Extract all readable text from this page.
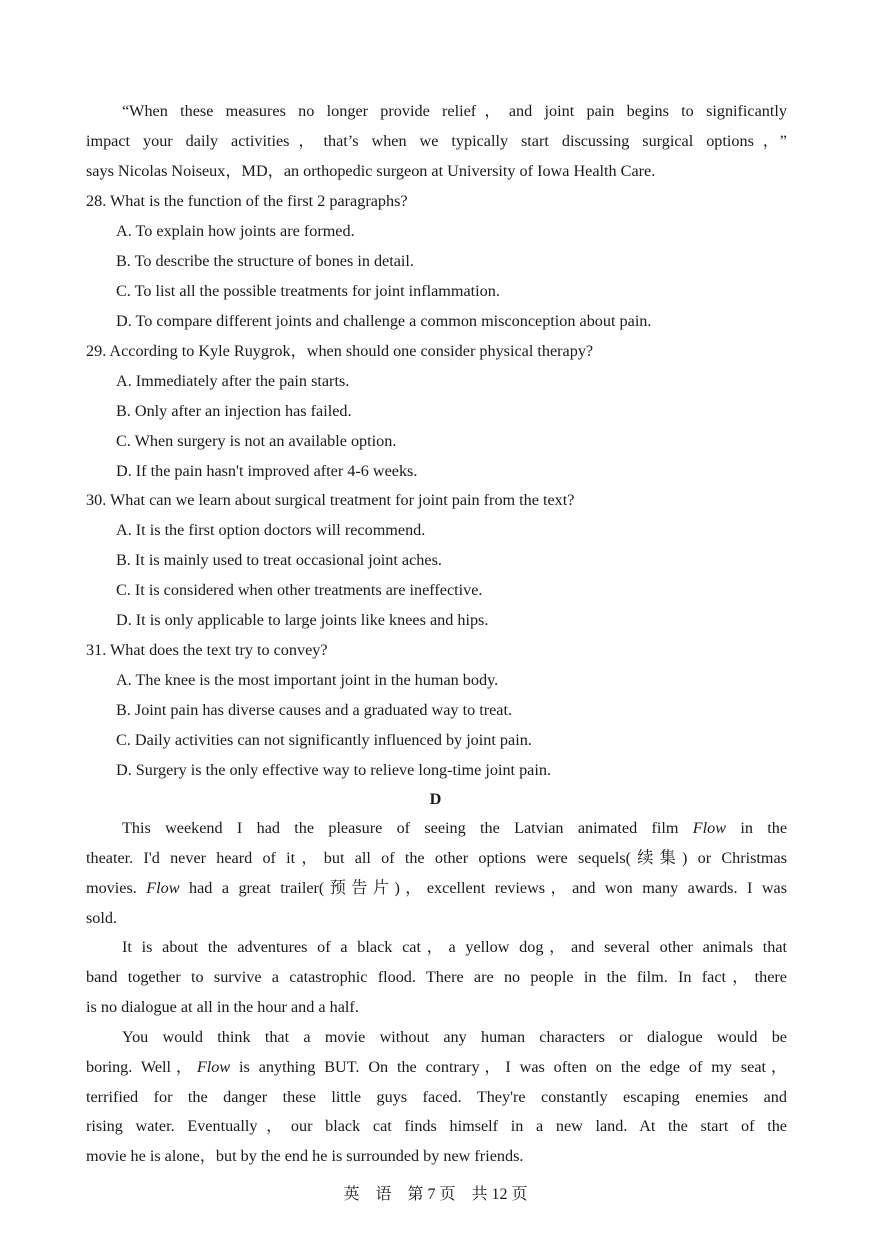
“When these measures no longer provide relief，and joint pain begins to significantly
impact your daily activities，that’s when we typically start discussing surgical options，”
says Nicolas Noiseux，MD，an orthopedic surgeon at University of Iowa Health Care.
28. What is the function of the first 2 paragraphs?
A. To explain how joints are formed.
B. To describe the structure of bones in detail.
C. To list all the possible treatments for joint inflammation.
D. To compare different joints and challenge a common misconception about pain.
29. According to Kyle Ruygrok，when should one consider physical therapy?
A. Immediately after the pain starts.
B. Only after an injection has failed.
C. When surgery is not an available option.
D. If the pain hasn't improved after 4-6 weeks.
30. What can we learn about surgical treatment for joint pain from the text?
A. It is the first option doctors will recommend.
B. It is mainly used to treat occasional joint aches.
C. It is considered when other treatments are ineffective.
D. It is only applicable to large joints like knees and hips.
31. What does the text try to convey?
A. The knee is the most important joint in the human body.
B. Joint pain has diverse causes and a graduated way to treat.
C. Daily activities can not significantly influenced by joint pain.
D. Surgery is the only effective way to relieve long-time joint pain.
D
This weekend I had the pleasure of seeing the Latvian animated film Flow in the
theater. I'd never heard of it，but all of the other options were sequels(续集) or Christmas
movies. Flow had a great trailer(预告片)，excellent reviews，and won many awards. I was
sold.
It is about the adventures of a black cat，a yellow dog，and several other animals that
band together to survive a catastrophic flood. There are no people in the film. In fact，there
is no dialogue at all in the hour and a half.
You would think that a movie without any human characters or dialogue would be
boring. Well，Flow is anything BUT. On the contrary，I was often on the edge of my seat，
terrified for the danger these little guys faced. They're constantly escaping enemies and
rising water. Eventually，our black cat finds himself in a new land. At the start of the
movie he is alone，but by the end he is surrounded by new friends.
英　语 第 7 页 共 12 页
